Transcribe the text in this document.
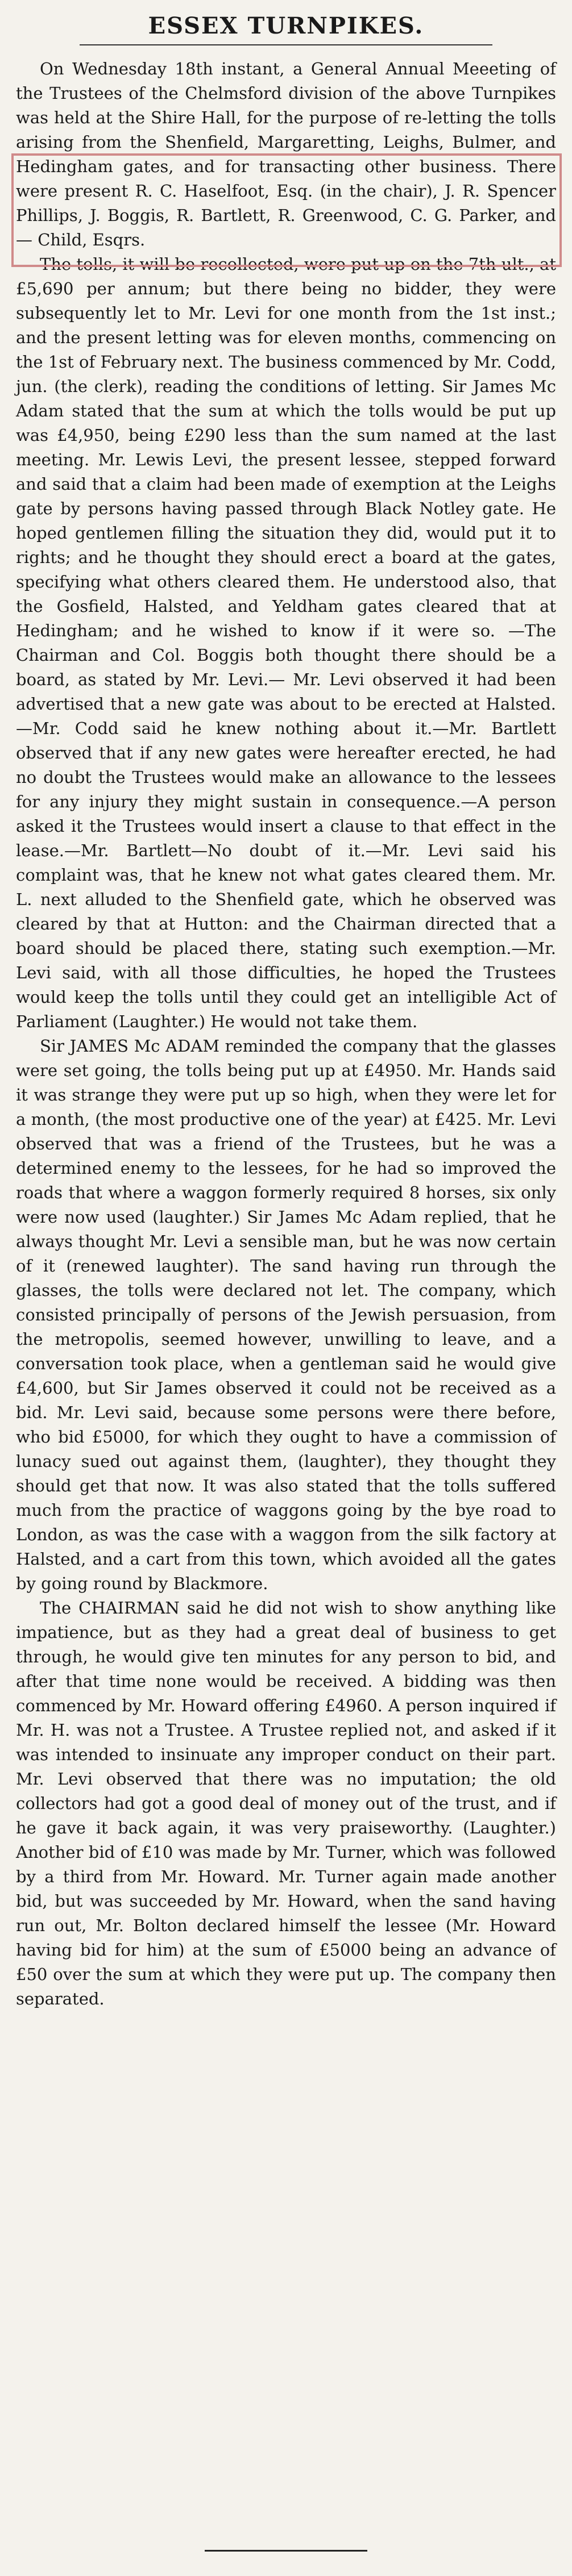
ESSEX TURNPIKES.

On Wednesday 18th instant, a General Annual Meeeting of the Trustees of the Chelmsford division of the above Turnpikes was held at the Shire Hall, for the purpose of re-letting the tolls arising from the Shenfield, Margaretting, Leighs, Bulmer, and Hedingham gates, and for transacting other business. There were present R. C. Haselfoot, Esq. (in the chair), J. R. Spencer Phillips, J. Boggis, R. Bartlett, R. Greenwood, C. G. Parker, and — Child, Esqrs.

The tolls, it will be recollected, were put up on the 7th ult., at £5,690 per annum; but there being no bidder, they were subsequently let to Mr. Levi for one month from the 1st inst.; and the present letting was for eleven months, commencing on the 1st of February next. The business commenced by Mr. Codd, jun. (the clerk), reading the conditions of letting. Sir James Mc Adam stated that the sum at which the tolls would be put up was £4,950, being £290 less than the sum named at the last meeting. Mr. Lewis Levi, the present lessee, stepped forward and said that a claim had been made of exemption at the Leighs gate by persons having passed through Black Notley gate. He hoped gentlemen filling the situation they did, would put it to rights; and he thought they should erect a board at the gates, specifying what others cleared them. He understood also, that the Gosfield, Halsted, and Yeldham gates cleared that at Hedingham; and he wished to know if it were so. —The Chairman and Col. Boggis both thought there should be a board, as stated by Mr. Levi.— Mr. Levi observed it had been advertised that a new gate was about to be erected at Halsted.—Mr. Codd said he knew nothing about it.—Mr. Bartlett observed that if any new gates were hereafter erected, he had no doubt the Trustees would make an allowance to the lessees for any injury they might sustain in consequence.—A person asked it the Trustees would insert a clause to that effect in the lease.—Mr. Bartlett—No doubt of it.—Mr. Levi said his complaint was, that he knew not what gates cleared them. Mr. L. next alluded to the Shenfield gate, which he observed was cleared by that at Hutton: and the Chairman directed that a board should be placed there, stating such exemption.—Mr. Levi said, with all those difficulties, he hoped the Trustees would keep the tolls until they could get an intelligible Act of Parliament (Laughter.) He would not take them.

Sir JAMES Mc ADAM reminded the company that the glasses were set going, the tolls being put up at £4950. Mr. Hands said it was strange they were put up so high, when they were let for a month, (the most productive one of the year) at £425. Mr. Levi observed that was a friend of the Trustees, but he was a determined enemy to the lessees, for he had so improved the roads that where a waggon formerly required 8 horses, six only were now used (laughter.) Sir James Mc Adam replied, that he always thought Mr. Levi a sensible man, but he was now certain of it (renewed laughter). The sand having run through the glasses, the tolls were declared not let. The company, which consisted principally of persons of the Jewish persuasion, from the metropolis, seemed however, unwilling to leave, and a conversation took place, when a gentleman said he would give £4,600, but Sir James observed it could not be received as a bid. Mr. Levi said, because some persons were there before, who bid £5000, for which they ought to have a commission of lunacy sued out against them, (laughter), they thought they should get that now. It was also stated that the tolls suffered much from the practice of waggons going by the bye road to London, as was the case with a waggon from the silk factory at Halsted, and a cart from this town, which avoided all the gates by going round by Blackmore.

The CHAIRMAN said he did not wish to show anything like impatience, but as they had a great deal of business to get through, he would give ten minutes for any person to bid, and after that time none would be received. A bidding was then commenced by Mr. Howard offering £4960. A person inquired if Mr. H. was not a Trustee. A Trustee replied not, and asked if it was intended to insinuate any improper conduct on their part. Mr. Levi observed that there was no imputation; the old collectors had got a good deal of money out of the trust, and if he gave it back again, it was very praiseworthy. (Laughter.) Another bid of £10 was made by Mr. Turner, which was followed by a third from Mr. Howard. Mr. Turner again made another bid, but was succeeded by Mr. Howard, when the sand having run out, Mr. Bolton declared himself the lessee (Mr. Howard having bid for him) at the sum of £5000 being an advance of £50 over the sum at which they were put up. The company then separated.
